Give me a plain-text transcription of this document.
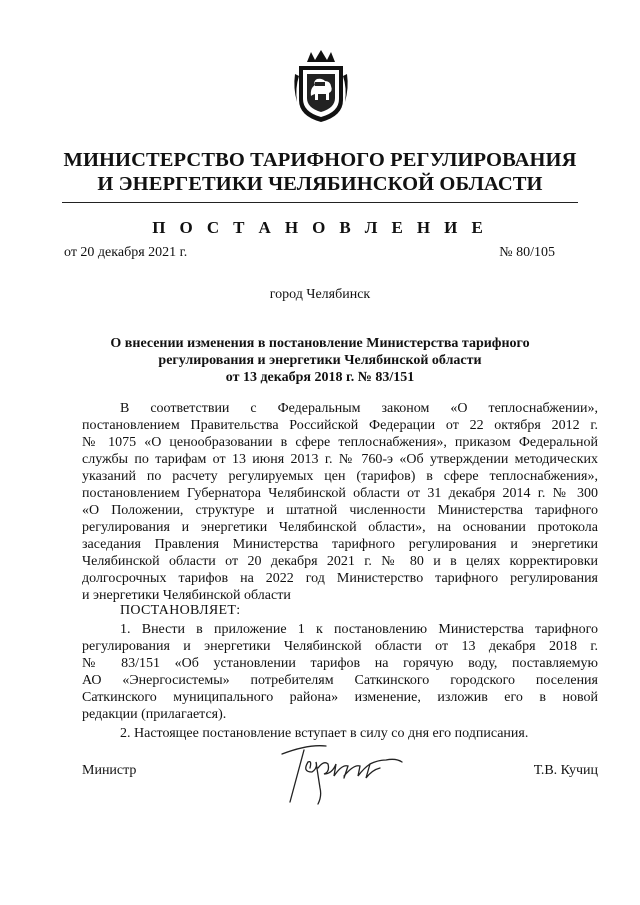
МИНИСТЕРСТВО ТАРИФНОГО РЕГУЛИРОВАНИЯ
И ЭНЕРГЕТИКИ ЧЕЛЯБИНСКОЙ ОБЛАСТИ
П О С Т А Н О В Л Е Н И Е
от 20 декабря 2021 г.	№ 80/105
город Челябинск
О внесении изменения в постановление Министерства тарифного
регулирования и энергетики Челябинской области
от 13 декабря 2018 г. № 83/151
В соответствии с Федеральным законом «О теплоснабжении»,
постановлением Правительства Российской Федерации от 22 октября 2012 г.
№ 1075 «О ценообразовании в сфере теплоснабжения», приказом Федеральной
службы по тарифам от 13 июня 2013 г. № 760-э «Об утверждении методических
указаний по расчету регулируемых цен (тарифов) в сфере теплоснабжения»,
постановлением Губернатора Челябинской области от 31 декабря 2014 г. № 300
«О Положении, структуре и штатной численности Министерства тарифного
регулирования и энергетики Челябинской области», на основании протокола
заседания Правления Министерства тарифного регулирования и энергетики
Челябинской области от 20 декабря 2021 г. № 80 и в целях корректировки
долгосрочных тарифов на 2022 год Министерство тарифного регулирования
и энергетики Челябинской области
ПОСТАНОВЛЯЕТ:
1. Внести в приложение 1 к постановлению Министерства тарифного
регулирования и энергетики Челябинской области от 13 декабря 2018 г.
№ 83/151 «Об установлении тарифов на горячую воду, поставляемую
АО «Энергосистемы» потребителям Саткинского городского поселения
Саткинского муниципального района» изменение, изложив его в новой
редакции (прилагается).
2. Настоящее постановление вступает в силу со дня его подписания.
Министр	Т.В. Кучиц
